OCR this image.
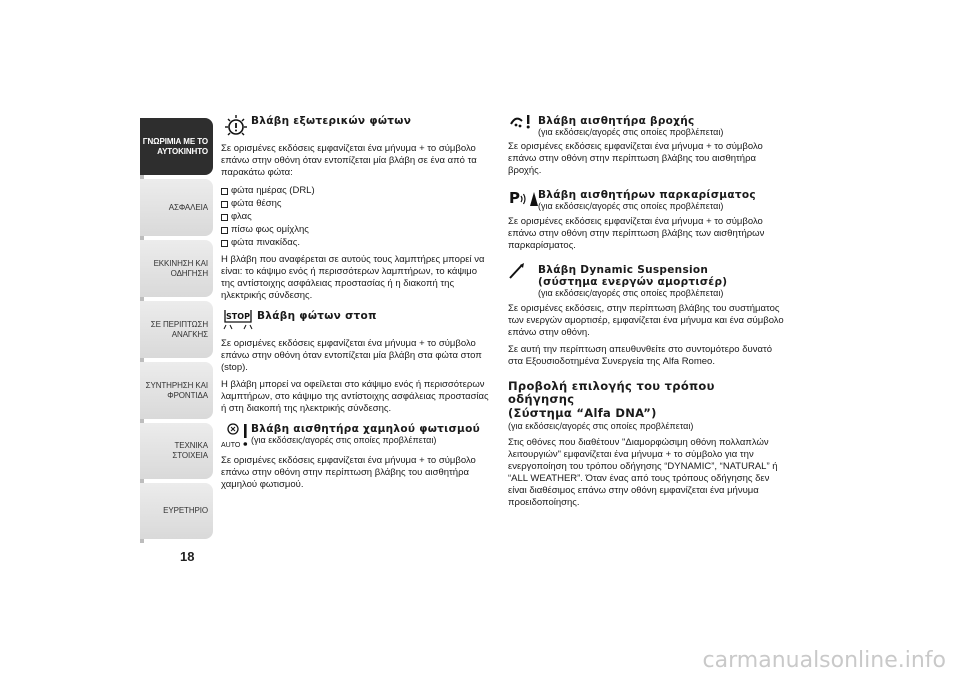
ΓΝΩΡΙΜΙΑ ΜΕ ΤΟ
ΑΥΤΟΚΙΝΗΤΟ
ΑΣΦΑΛΕΙΑ
ΕΚΚΙΝΗΣΗ ΚΑΙ
ΟΔΗΓΗΣΗ
ΣΕ ΠΕΡΙΠΤΩΣΗ
ΑΝΑΓΚΗΣ
ΣΥΝΤΗΡΗΣΗ ΚΑΙ
ΦΡΟΝΤΙΔΑ
ΤΕΧΝΙΚΑ ΣΤΟΙΧΕΙΑ
ΕΥΡΕΤΗΡΙΟ
18
Βλάβη εξωτερικών φώτων

Σε ορισμένες εκδόσεις εμφανίζεται ένα μήνυμα + το σύμβολο επάνω στην οθόνη όταν εντοπίζεται μία βλάβη σε ένα από τα παρακάτω φώτα:

φώτα ημέρας (DRL)
φώτα θέσης
φλας
πίσω φως ομίχλης
φώτα πινακίδας.

Η βλάβη που αναφέρεται σε αυτούς τους λαμπτήρες μπορεί να είναι: το κάψιμο ενός ή περισσότερων λαμπτήρων, το κάψιμο της αντίστοιχης ασφάλειας προστασίας ή η διακοπή της ηλεκτρικής σύνδεσης.

STOP Βλάβη φώτων στοπ

Σε ορισμένες εκδόσεις εμφανίζεται ένα μήνυμα + το σύμβολο επάνω στην οθόνη όταν εντοπίζεται μία βλάβη στα φώτα στοπ (stop).

Η βλάβη μπορεί να οφείλεται στο κάψιμο ενός ή περισσότερων λαμπτήρων, στο κάψιμο της αντίστοιχης ασφάλειας προστασίας ή στη διακοπή της ηλεκτρικής σύνδεσης.

AUTO
Βλάβη αισθητήρα χαμηλού φωτισμού
(για εκδόσεις/αγορές στις οποίες προβλέπεται)

Σε ορισμένες εκδόσεις εμφανίζεται ένα μήνυμα + το σύμβολο επάνω στην οθόνη στην περίπτωση βλάβης του αισθητήρα χαμηλού φωτισμού.

Βλάβη αισθητήρα βροχής
(για εκδόσεις/αγορές στις οποίες προβλέπεται)

Σε ορισμένες εκδόσεις εμφανίζεται ένα μήνυμα + το σύμβολο επάνω στην οθόνη στην περίπτωση βλάβης του αισθητήρα βροχής.

P Βλάβη αισθητήρων παρκαρίσματος
(για εκδόσεις/αγορές στις οποίες προβλέπεται)

Σε ορισμένες εκδόσεις εμφανίζεται ένα μήνυμα + το σύμβολο επάνω στην οθόνη στην περίπτωση βλάβης των αισθητήρων παρκαρίσματος.

Βλάβη Dynamic Suspension
(σύστημα ενεργών αμορτισέρ)
(για εκδόσεις/αγορές στις οποίες προβλέπεται)

Σε ορισμένες εκδόσεις, στην περίπτωση βλάβης του συστήματος των ενεργών αμορτισέρ, εμφανίζεται ένα μήνυμα και ένα σύμβολο επάνω στην οθόνη.

Σε αυτή την περίπτωση απευθυνθείτε στο συντομότερο δυνατό στα Εξουσιοδοτημένα Συνεργεία της Alfa Romeo.

Προβολή επιλογής του τρόπου οδήγησης
(Σύστημα “Alfa DNA”)
(για εκδόσεις/αγορές στις οποίες προβλέπεται)

Στις οθόνες που διαθέτουν "Διαμορφώσιμη οθόνη πολλαπλών λειτουργιών" εμφανίζεται ένα μήνυμα + το σύμβολο για την ενεργοποίηση του τρόπου οδήγησης “DYNAMIC”, “NATURAL” ή “ALL WEATHER”. Όταν ένας από τους τρόπους οδήγησης δεν είναι διαθέσιμος επάνω στην οθόνη εμφανίζεται ένα μήνυμα προειδοποίησης.

carmanualsonline.info
